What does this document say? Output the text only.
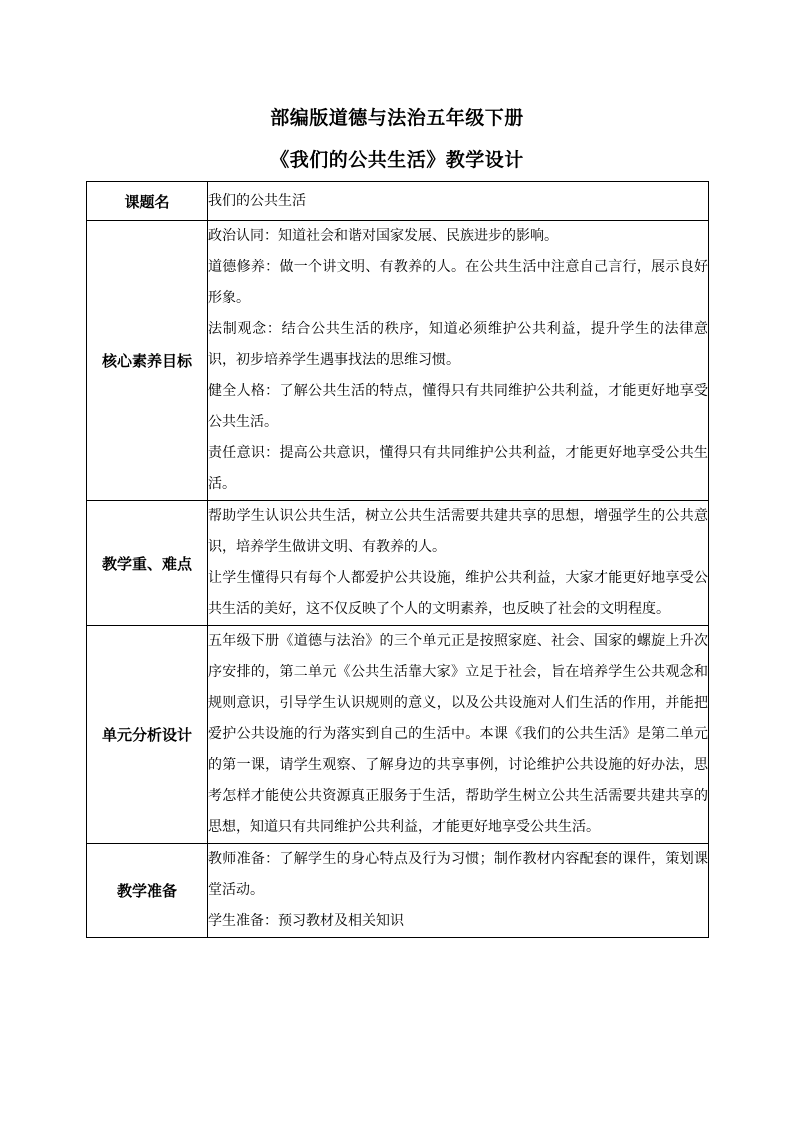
部编版道德与法治五年级下册
《我们的公共生活》教学设计
课题名	我们的公共生活

核心素养目标	政治认同：知道社会和谐对国家发展、民族进步的影响。

道德修养：做一个讲文明、有教养的人。在公共生活中注意自己言行，展示良好形象。

法制观念：结合公共生活的秩序，知道必须维护公共利益，提升学生的法律意识，初步培养学生遇事找法的思维习惯。

健全人格：了解公共生活的特点，懂得只有共同维护公共利益，才能更好地享受公共生活。

责任意识：提高公共意识，懂得只有共同维护公共利益，才能更好地享受公共生活。

教学重、难点	帮助学生认识公共生活，树立公共生活需要共建共享的思想，增强学生的公共意识，培养学生做讲文明、有教养的人。

让学生懂得只有每个人都爱护公共设施，维护公共利益，大家才能更好地享受公共生活的美好，这不仅反映了个人的文明素养，也反映了社会的文明程度。

单元分析设计	五年级下册《道德与法治》的三个单元正是按照家庭、社会、国家的螺旋上升次序安排的，第二单元《公共生活靠大家》立足于社会，旨在培养学生公共观念和规则意识，引导学生认识规则的意义，以及公共设施对人们生活的作用，并能把爱护公共设施的行为落实到自己的生活中。本课《我们的公共生活》是第二单元的第一课，请学生观察、了解身边的共享事例，讨论维护公共设施的好办法，思考怎样才能使公共资源真正服务于生活，帮助学生树立公共生活需要共建共享的思想，知道只有共同维护公共利益，才能更好地享受公共生活。

教学准备	教师准备：了解学生的身心特点及行为习惯；制作教材内容配套的课件，策划课堂活动。

学生准备：预习教材及相关知识
